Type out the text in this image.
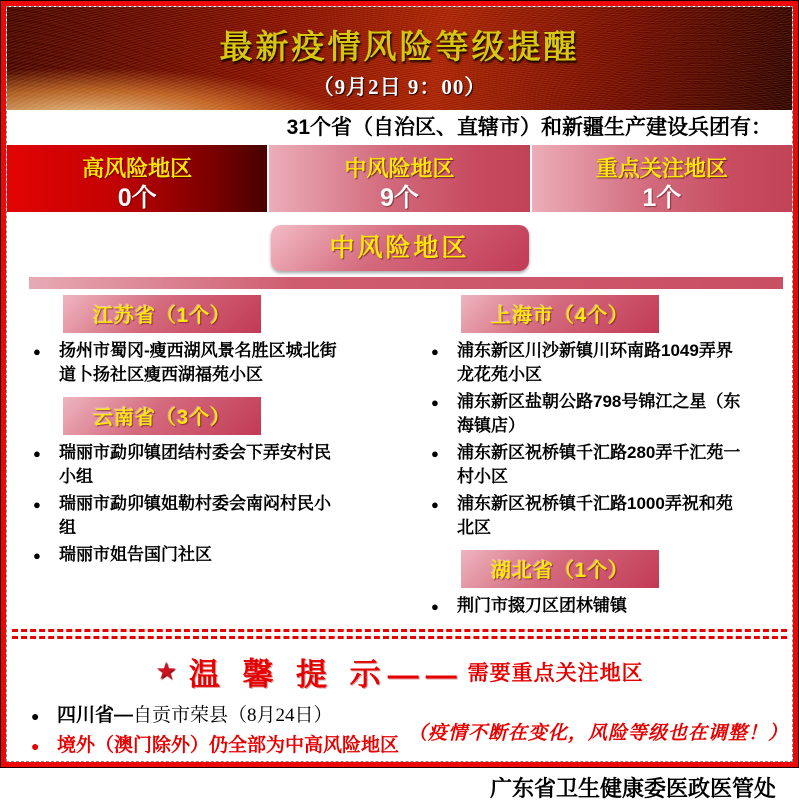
最新疫情风险等级提醒
（9月2日 9：00）
31个省（自治区、直辖市）和新疆生产建设兵团有：
高风险地区
0个
中风险地区
9个
重点关注地区
1个
中风险地区
江苏省（1个）
●	扬州市蜀冈-瘦西湖风景名胜区城北街道卜扬社区瘦西湖福苑小区
云南省（3个）
●	瑞丽市勐卯镇团结村委会下弄安村民小组
●	瑞丽市勐卯镇姐勒村委会南闷村民小组
●	瑞丽市姐告国门社区
上海市（4个）
●	浦东新区川沙新镇川环南路1049弄界龙花苑小区
●	浦东新区盐朝公路798号锦江之星（东海镇店）
●	浦东新区祝桥镇千汇路280弄千汇苑一村小区
●	浦东新区祝桥镇千汇路1000弄祝和苑北区
湖北省（1个）
●	荆门市掇刀区团林铺镇
★ 温 馨 提 示—— 需要重点关注地区
● 四川省— 自贡市荣县（8月24日）
● 境外（澳门除外）仍全部为中高风险地区
（疫情不断在变化，风险等级也在调整！）
广东省卫生健康委医政医管处
